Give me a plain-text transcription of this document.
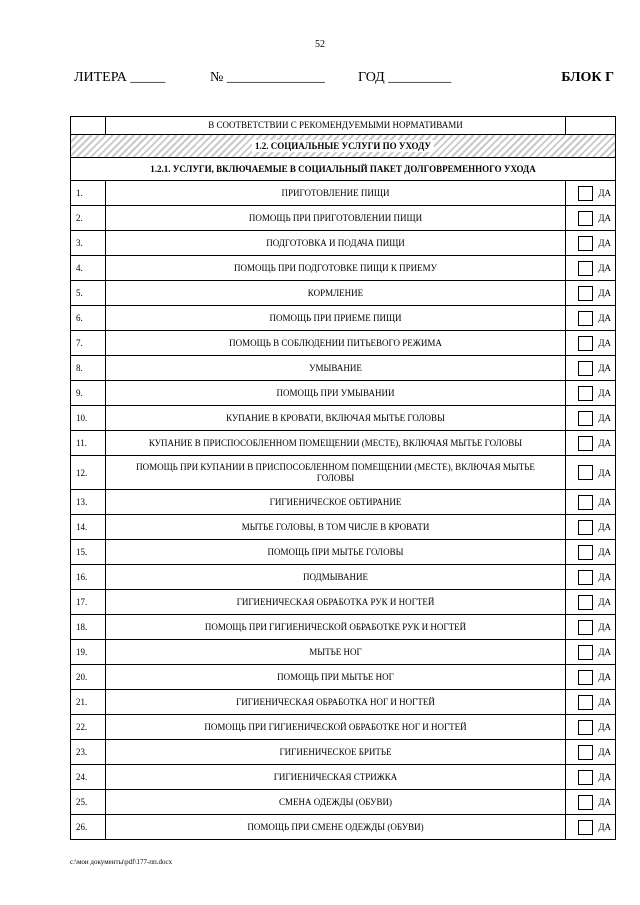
52
ЛИТЕРА _____	№ ______________ ГОД _________	БЛОК Г
	В СООТВЕТСТВИИ С РЕКОМЕНДУЕМЫМИ НОРМАТИВАМИ	
1.2. СОЦИАЛЬНЫЕ УСЛУГИ ПО УХОДУ		
1.2.1. УСЛУГИ, ВКЛЮЧАЕМЫЕ В СОЦИАЛЬНЫЙ ПАКЕТ ДОЛГОВРЕМЕННОГО УХОДА		
1.	ПРИГОТОВЛЕНИЕ ПИЩИ	ДА

2.	ПОМОЩЬ ПРИ ПРИГОТОВЛЕНИИ ПИЩИ	ДА

3.	ПОДГОТОВКА И ПОДАЧА ПИЩИ	ДА

4.	ПОМОЩЬ ПРИ ПОДГОТОВКЕ ПИЩИ К ПРИЕМУ	ДА

5.	КОРМЛЕНИЕ	ДА

6.	ПОМОЩЬ ПРИ ПРИЕМЕ ПИЩИ	ДА

7.	ПОМОЩЬ В СОБЛЮДЕНИИ ПИТЬЕВОГО РЕЖИМА	ДА

8.	УМЫВАНИЕ	ДА

9.	ПОМОЩЬ ПРИ УМЫВАНИИ	ДА

10.	КУПАНИЕ В КРОВАТИ, ВКЛЮЧАЯ МЫТЬЕ ГОЛОВЫ	ДА

11.	КУПАНИЕ В ПРИСПОСОБЛЕННОМ ПОМЕЩЕНИИ (МЕСТЕ), ВКЛЮЧАЯ МЫТЬЕ ГОЛОВЫ	ДА

12.	ПОМОЩЬ ПРИ КУПАНИИ В ПРИСПОСОБЛЕННОМ ПОМЕЩЕНИИ (МЕСТЕ), ВКЛЮЧАЯ МЫТЬЕ ГОЛОВЫ	ДА

13.	ГИГИЕНИЧЕСКОЕ ОБТИРАНИЕ	ДА

14.	МЫТЬЕ ГОЛОВЫ, В ТОМ ЧИСЛЕ В КРОВАТИ	ДА

15.	ПОМОЩЬ ПРИ МЫТЬЕ ГОЛОВЫ	ДА

16.	ПОДМЫВАНИЕ	ДА

17.	ГИГИЕНИЧЕСКАЯ ОБРАБОТКА РУК И НОГТЕЙ	ДА

18.	ПОМОЩЬ ПРИ ГИГИЕНИЧЕСКОЙ ОБРАБОТКЕ РУК И НОГТЕЙ	ДА

19.	МЫТЬЕ НОГ	ДА

20.	ПОМОЩЬ ПРИ МЫТЬЕ НОГ	ДА

21.	ГИГИЕНИЧЕСКАЯ ОБРАБОТКА НОГ И НОГТЕЙ	ДА

22.	ПОМОЩЬ ПРИ ГИГИЕНИЧЕСКОЙ ОБРАБОТКЕ НОГ И НОГТЕЙ	ДА

23.	ГИГИЕНИЧЕСКОЕ БРИТЬЕ	ДА

24.	ГИГИЕНИЧЕСКАЯ СТРИЖКА	ДА

25.	СМЕНА ОДЕЖДЫ (ОБУВИ)	ДА

26.	ПОМОЩЬ ПРИ СМЕНЕ ОДЕЖДЫ (ОБУВИ)	ДА
c:\мои документы\pdf\177-пп.docx
